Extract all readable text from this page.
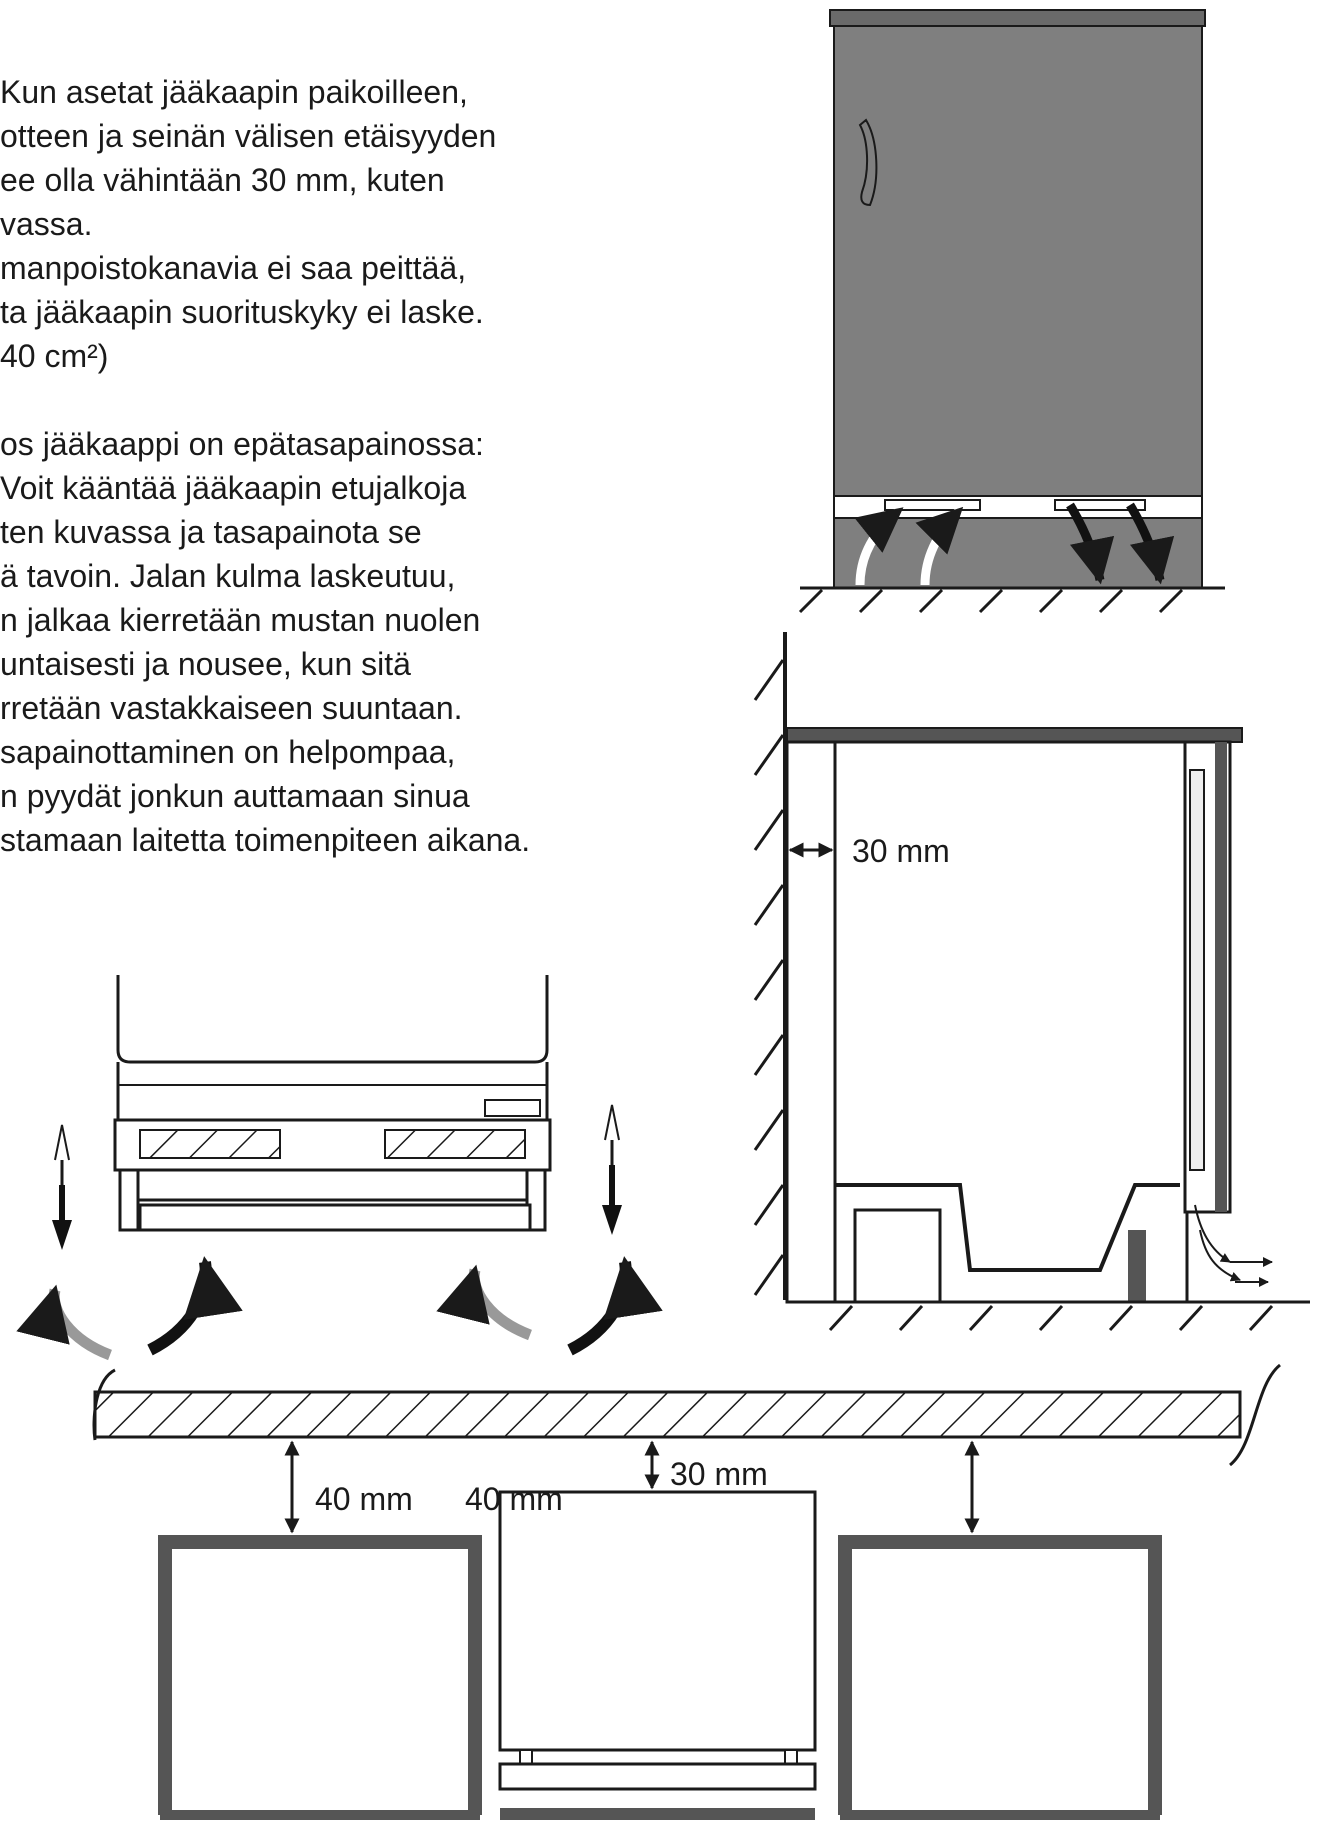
Kun asetat jääkaapin paikoilleen,

otteen ja seinän välisen etäisyyden

ee olla vähintään 30 mm, kuten

vassa.

manpoistokanavia ei saa peittää,

ta jääkaapin suorituskyky ei laske.

40 cm²)

os jääkaappi on epätasapainossa:

Voit kääntää jääkaapin etujalkoja

ten kuvassa ja tasapainota se

ä tavoin. Jalan kulma laskeutuu,

n jalkaa kierretään mustan nuolen

untaisesti ja nousee, kun sitä

rretään vastakkaiseen suuntaan.

sapainottaminen on helpompaa,

n pyydät jonkun auttamaan sinua

stamaan laitetta toimenpiteen aikana.	30 mm
40 mm 40 mm
30 mm
